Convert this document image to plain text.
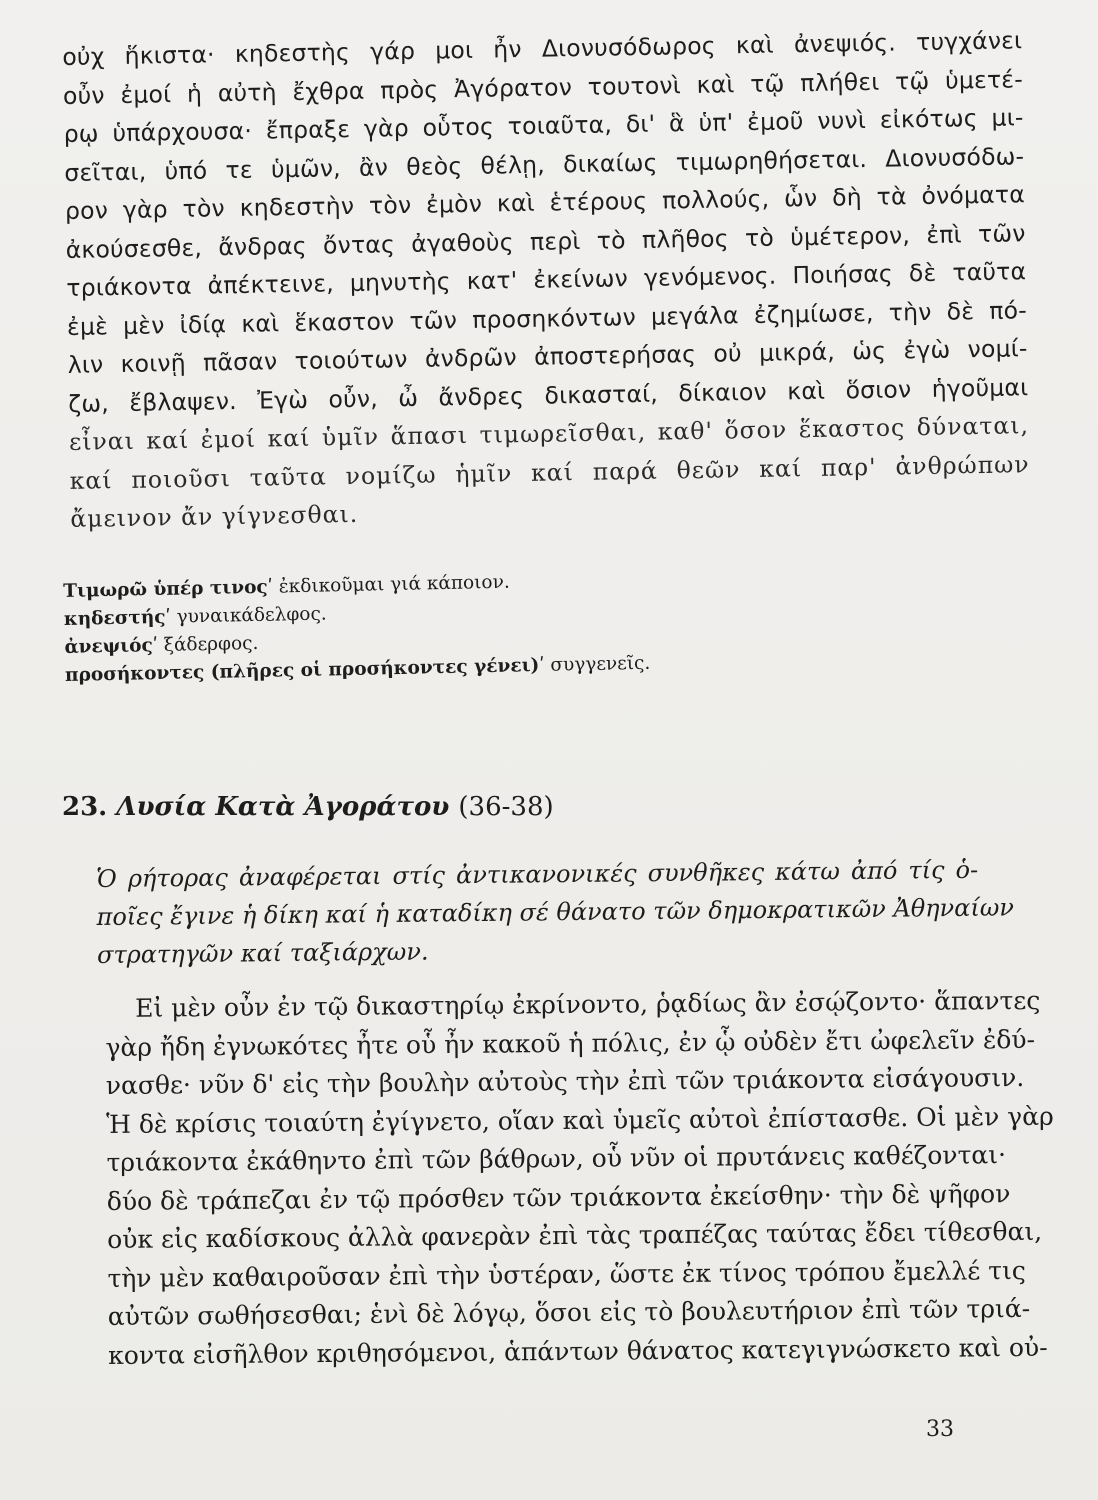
οὐχ ἥκιστα· κηδεστὴς γάρ μοι ἦν Διονυσόδωρος καὶ ἀνεψιός. τυγχάνει
οὖν ἐμοί ἡ αὐτὴ ἔχθρα πρὸς Ἀγόρατον τουτονὶ καὶ τῷ πλήθει τῷ ὑμετέ-
ρῳ ὑπάρχουσα· ἔπραξε γὰρ οὗτος τοιαῦτα, δι' ἃ ὑπ' ἐμοῦ νυνὶ εἰκότως μι-
σεῖται, ὑπό τε ὑμῶν, ἂν θεὸς θέλῃ, δικαίως τιμωρηθήσεται. Διονυσόδω-
ρον γὰρ τὸν κηδεστὴν τὸν ἐμὸν καὶ ἑτέρους πολλούς, ὧν δὴ τὰ ὀνόματα
ἀκούσεσθε, ἄνδρας ὄντας ἀγαθοὺς περὶ τὸ πλῆθος τὸ ὑμέτερον, ἐπὶ τῶν
τριάκοντα ἀπέκτεινε, μηνυτὴς κατ' ἐκείνων γενόμενος. Ποιήσας δὲ ταῦτα
ἐμὲ μὲν ἰδίᾳ καὶ ἕκαστον τῶν προσηκόντων μεγάλα ἐζημίωσε, τὴν δὲ πό-
λιν κοινῇ πᾶσαν τοιούτων ἀνδρῶν ἀποστερήσας οὐ μικρά, ὡς ἐγὼ νομί-
ζω, ἔβλαψεν. Ἐγὼ οὖν, ὦ ἄνδρες δικασταί, δίκαιον καὶ ὅσιον ἡγοῦμαι
εἶναι καί ἐμοί καί ὑμῖν ἅπασι τιμωρεῖσθαι, καθ' ὅσον ἕκαστος δύναται,
καί ποιοῦσι ταῦτα νομίζω ἡμῖν καί παρά θεῶν καί παρ' ἀνθρώπων
ἄμεινον ἄν γίγνεσθαι.
Τιμωρῶ ὑπέρ τινοςʹ ἐκδικοῦμαι γιά κάποιον.
κηδεστήςʹ γυναικάδελφος.
ἀνεψιόςʹ ξάδερφος.
προσήκοντες (πλῆρες οἱ προσήκοντες γένει)ʹ συγγενεῖς.
23. Λυσία Κατὰ Ἀγοράτου (36-38)
Ὁ ρήτορας ἀναφέρεται στίς ἀντικανονικές συνθῆκες κάτω ἀπό τίς ὁ-
ποῖες ἔγινε ἡ δίκη καί ἡ καταδίκη σέ θάνατο τῶν δημοκρατικῶν Ἀθηναίων
στρατηγῶν καί ταξιάρχων.
Εἰ μὲν οὖν ἐν τῷ δικαστηρίῳ ἐκρίνοντο, ῥᾳδίως ἂν ἐσῴζοντο· ἅπαντες
γὰρ ἤδη ἐγνωκότες ἦτε οὗ ἦν κακοῦ ἡ πόλις, ἐν ᾧ οὐδὲν ἔτι ὠφελεῖν ἐδύ-
νασθε· νῦν δ' εἰς τὴν βουλὴν αὐτοὺς τὴν ἐπὶ τῶν τριάκοντα εἰσάγουσιν.
Ἡ δὲ κρίσις τοιαύτη ἐγίγνετο, οἵαν καὶ ὑμεῖς αὐτοὶ ἐπίστασθε. Οἱ μὲν γὰρ
τριάκοντα ἐκάθηντο ἐπὶ τῶν βάθρων, οὗ νῦν οἱ πρυτάνεις καθέζονται·
δύο δὲ τράπεζαι ἐν τῷ πρόσθεν τῶν τριάκοντα ἐκείσθην· τὴν δὲ ψῆφον
οὐκ εἰς καδίσκους ἀλλὰ φανερὰν ἐπὶ τὰς τραπέζας ταύτας ἔδει τίθεσθαι,
τὴν μὲν καθαιροῦσαν ἐπὶ τὴν ὑστέραν, ὥστε ἐκ τίνος τρόπου ἔμελλέ τις
αὐτῶν σωθήσεσθαι; ἑνὶ δὲ λόγῳ, ὅσοι εἰς τὸ βουλευτήριον ἐπὶ τῶν τριά-
κοντα εἰσῆλθον κριθησόμενοι, ἁπάντων θάνατος κατεγιγνώσκετο καὶ οὐ-
33
